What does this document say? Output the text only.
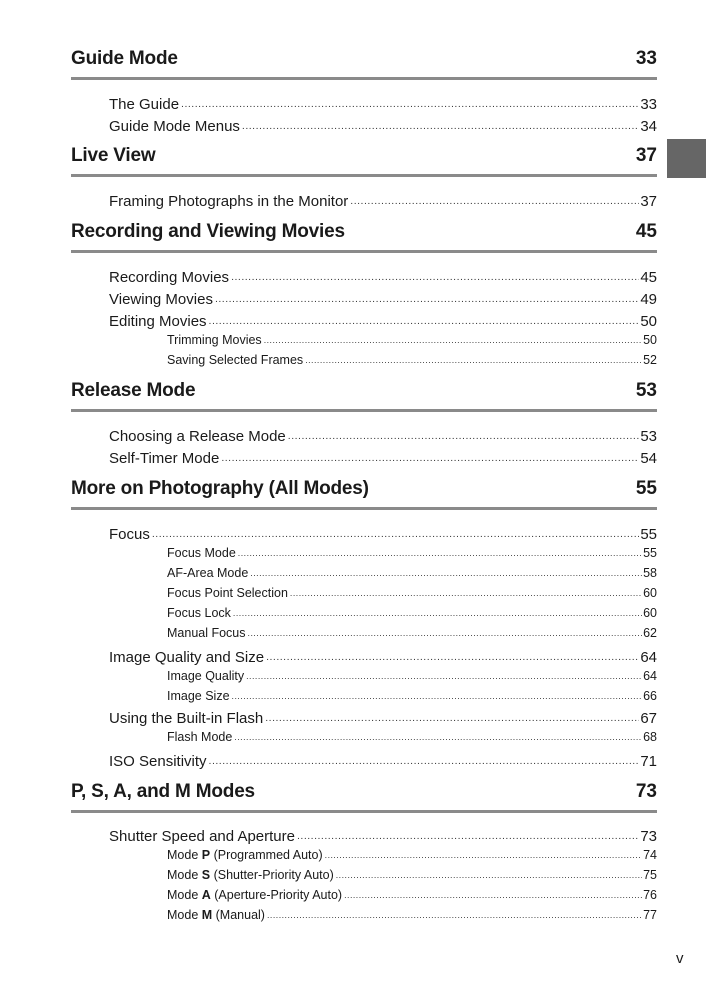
Guide Mode	33
The Guide .....	33
Guide Mode Menus .....	34
Live View	37
Framing Photographs in the Monitor .....	37
Recording and Viewing Movies	45
Recording Movies .....	45
Viewing Movies .....	49
Editing Movies .....	50
Trimming Movies .....	50
Saving Selected Frames .....	52
Release Mode	53
Choosing a Release Mode .....	53
Self-Timer Mode .....	54
More on Photography (All Modes)	55
Focus .....	55
Focus Mode .....	55
AF-Area Mode .....	58
Focus Point Selection .....	60
Focus Lock .....	60
Manual Focus .....	62
Image Quality and Size .....	64
Image Quality .....	64
Image Size .....	66
Using the Built-in Flash .....	67
Flash Mode .....	68
ISO Sensitivity .....	71
P, S, A, and M Modes	73
Shutter Speed and Aperture .....	73
Mode P (Programmed Auto) .....	74
Mode S (Shutter-Priority Auto) .....	75
Mode A (Aperture-Priority Auto) .....	76
Mode M (Manual) .....	77
v
